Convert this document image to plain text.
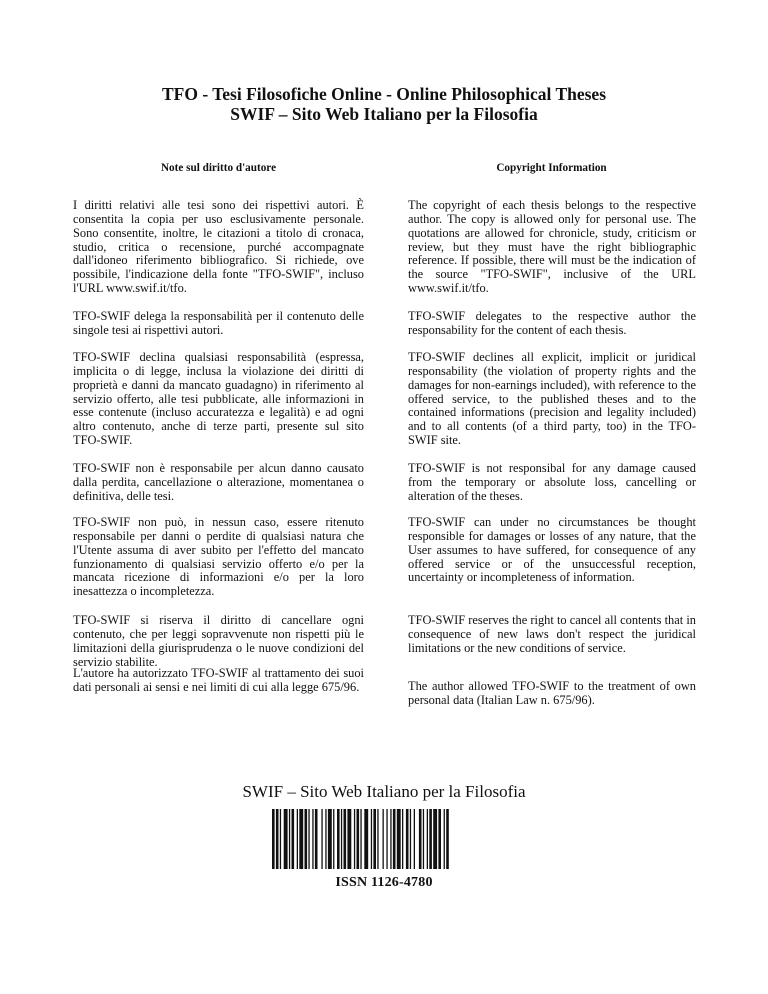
TFO - Tesi Filosofiche Online - Online Philosophical Theses
SWIF – Sito Web Italiano per la Filosofia
Note sul diritto d'autore	Copyright Information

I diritti relativi alle tesi sono dei rispettivi autori. È consentita la copia per uso esclusivamente personale. Sono consentite, inoltre, le citazioni a titolo di cronaca, studio, critica o recensione, purché accompagnate dall'idoneo riferimento bibliografico. Si richiede, ove possibile, l'indicazione della fonte "TFO-SWIF", incluso l'URL www.swif.it/tfo.

The copyright of each thesis belongs to the respective author. The copy is allowed only for personal use. The quotations are allowed for chronicle, study, criticism or review, but they must have the right bibliographic reference. If possible, there will must be the indication of the source "TFO-SWIF", inclusive of the URL www.swif.it/tfo.

TFO-SWIF delega la responsabilità per il contenuto delle singole tesi ai rispettivi autori.

TFO-SWIF delegates to the respective author the responsability for the content of each thesis.

TFO-SWIF declina qualsiasi responsabilità (espressa, implicita o di legge, inclusa la violazione dei diritti di proprietà e danni da mancato guadagno) in riferimento al servizio offerto, alle tesi pubblicate, alle informazioni in esse contenute (incluso accuratezza e legalità) e ad ogni altro contenuto, anche di terze parti, presente sul sito TFO-SWIF.

TFO-SWIF declines all explicit, implicit or juridical responsability (the violation of property rights and the damages for non-earnings included), with reference to the offered service, to the published theses and to the contained informations (precision and legality included) and to all contents (of a third party, too) in the TFO-SWIF site.

TFO-SWIF non è responsabile per alcun danno causato dalla perdita, cancellazione o alterazione, momentanea o definitiva, delle tesi.

TFO-SWIF is not responsibal for any damage caused from the temporary or absolute loss, cancelling or alteration of the theses.

TFO-SWIF non può, in nessun caso, essere ritenuto responsabile per danni o perdite di qualsiasi natura che l'Utente assuma di aver subito per l'effetto del mancato funzionamento di qualsiasi servizio offerto e/o per la mancata ricezione di informazioni e/o per la loro inesattezza o incompletezza.

TFO-SWIF can under no circumstances be thought responsible for damages or losses of any nature, that the User assumes to have suffered, for consequence of any offered service or of the unsuccessful reception, uncertainty or incompleteness of information.

TFO-SWIF si riserva il diritto di cancellare ogni contenuto, che per leggi sopravvenute non rispetti più le limitazioni della giurisprudenza o le nuove condizioni del servizio stabilite.

TFO-SWIF reserves the right to cancel all contents that in consequence of new laws don't respect the juridical limitations or the new conditions of service.

L'autore ha autorizzato TFO-SWIF al trattamento dei suoi dati personali ai sensi e nei limiti di cui alla legge 675/96.	The author allowed TFO-SWIF to the treatment of own personal data (Italian Law n. 675/96).

SWIF – Sito Web Italiano per la Filosofia
ISSN 1126-4780
